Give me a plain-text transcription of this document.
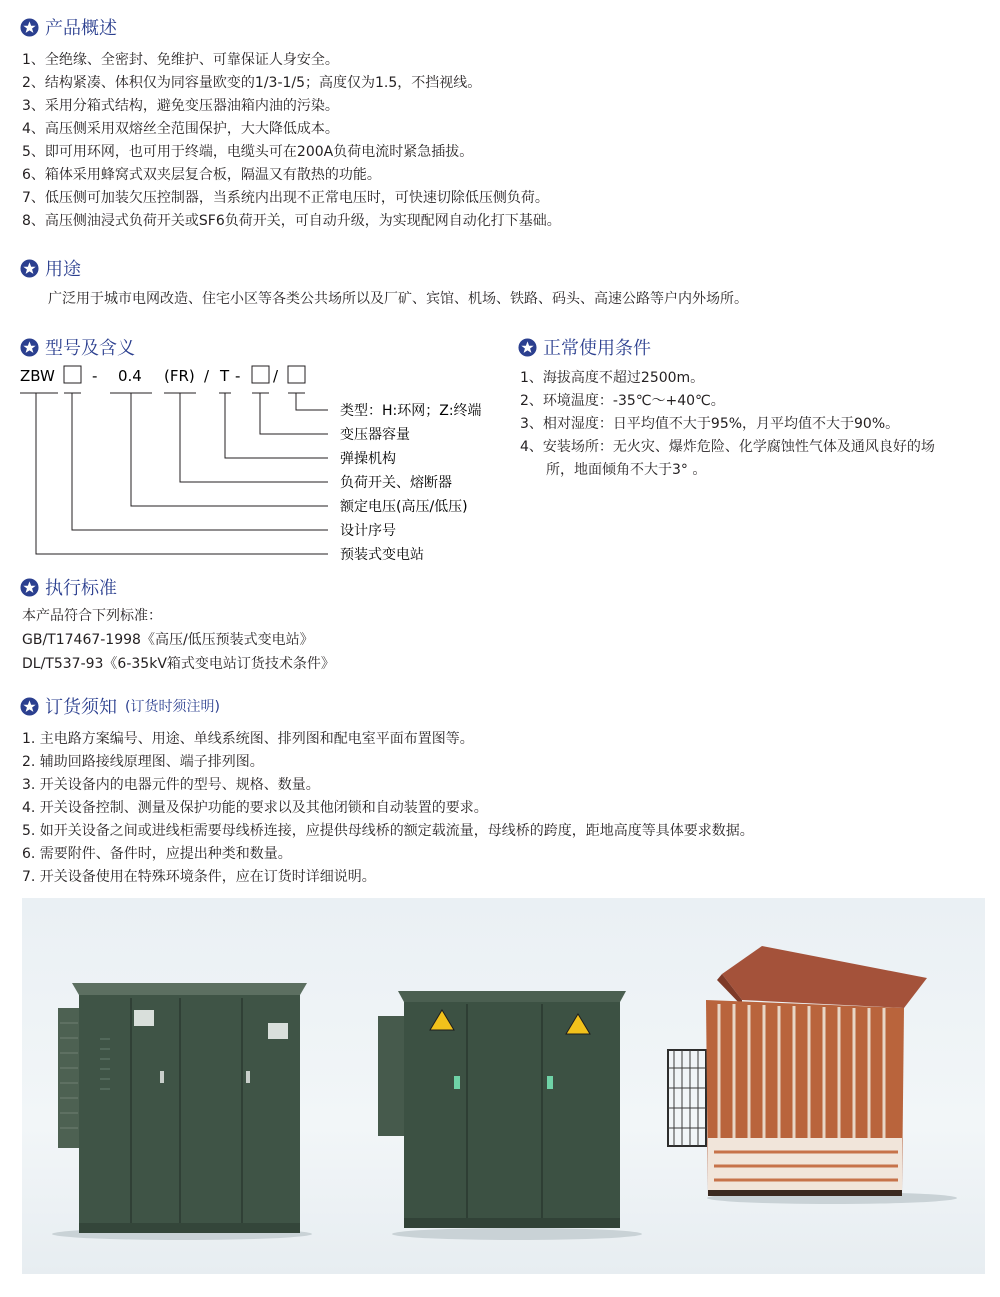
产品概述
1、全绝缘、全密封、免维护、可靠保证人身安全。
2、结构紧凑、体积仅为同容量欧变的1/3-1/5；高度仅为1.5，不挡视线。
3、采用分箱式结构，避免变压器油箱内油的污染。
4、高压侧采用双熔丝全范围保护，大大降低成本。
5、即可用环网，也可用于终端，电缆头可在200A负荷电流时紧急插拔。
6、箱体采用蜂窝式双夹层复合板，隔温又有散热的功能。
7、低压侧可加装欠压控制器，当系统内出现不正常电压时，可快速切除低压侧负荷。
8、高压侧油浸式负荷开关或SF6负荷开关，可自动升级，为实现配网自动化打下基础。
用途
广泛用于城市电网改造、住宅小区等各类公共场所以及厂矿、宾馆、机场、铁路、码头、高速公路等户内外场所。
型号及含义
ZBW - 0.4 (FR) / T - /
类型：H:环网；Z:终端
变压器容量
弹操机构
负荷开关、熔断器
额定电压(高压/低压)
设计序号
预装式变电站
正常使用条件
1、海拔高度不超过2500m。
2、环境温度：-35℃～+40℃。
3、相对湿度：日平均值不大于95%，月平均值不大于90%。
4、安装场所：无火灾、爆炸危险、化学腐蚀性气体及通风良好的场
所，地面倾角不大于3° 。
执行标准
本产品符合下列标准：
GB/T17467-1998《高压/低压预装式变电站》
DL/T537-93《6-35kV箱式变电站订货技术条件》
订货须知 (订货时须注明)
1. 主电路方案编号、用途、单线系统图、排列图和配电室平面布置图等。
2. 辅助回路接线原理图、端子排列图。
3. 开关设备内的电器元件的型号、规格、数量。
4. 开关设备控制、测量及保护功能的要求以及其他闭锁和自动装置的要求。
5. 如开关设备之间或进线柜需要母线桥连接，应提供母线桥的额定载流量，母线桥的跨度，距地高度等具体要求数据。
6. 需要附件、备件时，应提出种类和数量。
7. 开关设备使用在特殊环境条件，应在订货时详细说明。
